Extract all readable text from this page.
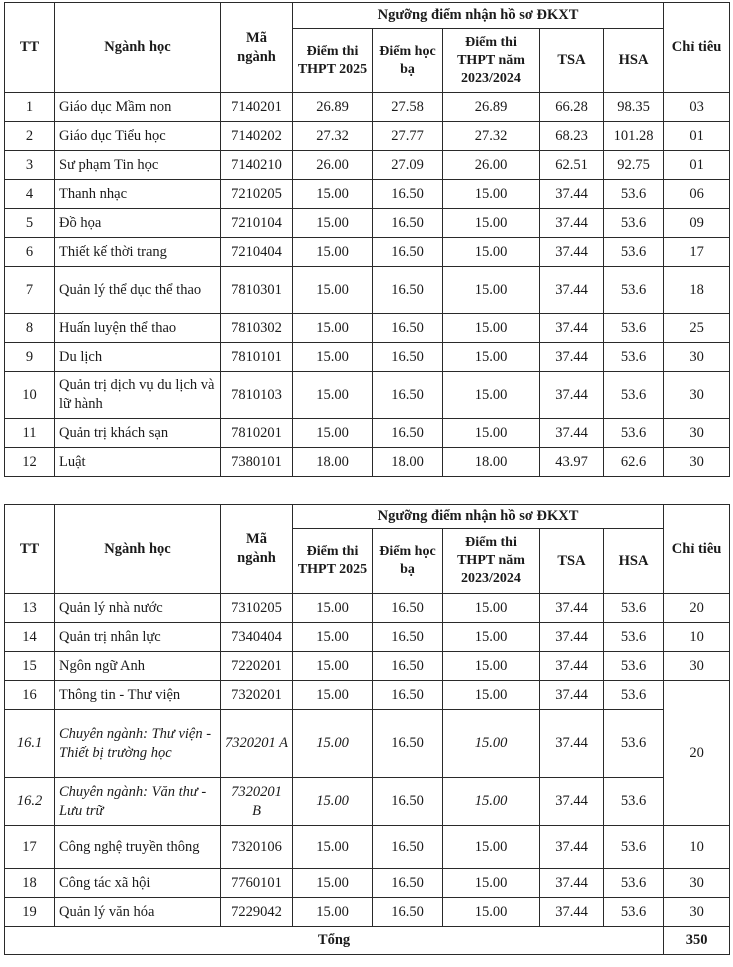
TT	Ngành học	Mã ngành	Ngưỡng điểm nhận hồ sơ ĐKXT					Chỉ tiêu
			Điểm thi THPT 2025	Điểm học bạ	Điểm thi THPT năm 2023/2024	TSA	HSA	
1	Giáo dục Mầm non	7140201	26.89	27.58	26.89	66.28	98.35	03
2	Giáo dục Tiểu học	7140202	27.32	27.77	27.32	68.23	101.28	01
3	Sư phạm Tin học	7140210	26.00	27.09	26.00	62.51	92.75	01
4	Thanh nhạc	7210205	15.00	16.50	15.00	37.44	53.6	06
5	Đồ họa	7210104	15.00	16.50	15.00	37.44	53.6	09
6	Thiết kế thời trang	7210404	15.00	16.50	15.00	37.44	53.6	17
7	Quản lý thể dục thể thao	7810301	15.00	16.50	15.00	37.44	53.6	18
8	Huấn luyện thể thao	7810302	15.00	16.50	15.00	37.44	53.6	25
9	Du lịch	7810101	15.00	16.50	15.00	37.44	53.6	30
10	Quản trị dịch vụ du lịch và lữ hành	7810103	15.00	16.50	15.00	37.44	53.6	30
11	Quản trị khách sạn	7810201	15.00	16.50	15.00	37.44	53.6	30
12	Luật	7380101	18.00	18.00	18.00	43.97	62.6	30
TT	Ngành học	Mã ngành	Ngưỡng điểm nhận hồ sơ ĐKXT					Chỉ tiêu
			Điểm thi THPT 2025	Điểm học bạ	Điểm thi THPT năm 2023/2024	TSA	HSA	
13	Quản lý nhà nước	7310205	15.00	16.50	15.00	37.44	53.6	20
14	Quản trị nhân lực	7340404	15.00	16.50	15.00	37.44	53.6	10
15	Ngôn ngữ Anh	7220201	15.00	16.50	15.00	37.44	53.6	30
16	Thông tin - Thư viện	7320201	15.00	16.50	15.00	37.44	53.6	20
16.1	Chuyên ngành: Thư viện - Thiết bị trường học	7320201 A	15.00	16.50	15.00	37.44	53.6	
16.2	Chuyên ngành: Văn thư - Lưu trữ	7320201 B	15.00	16.50	15.00	37.44	53.6	
17	Công nghệ truyền thông	7320106	15.00	16.50	15.00	37.44	53.6	10
18	Công tác xã hội	7760101	15.00	16.50	15.00	37.44	53.6	30
19	Quản lý văn hóa	7229042	15.00	16.50	15.00	37.44	53.6	30
Tổng								350
